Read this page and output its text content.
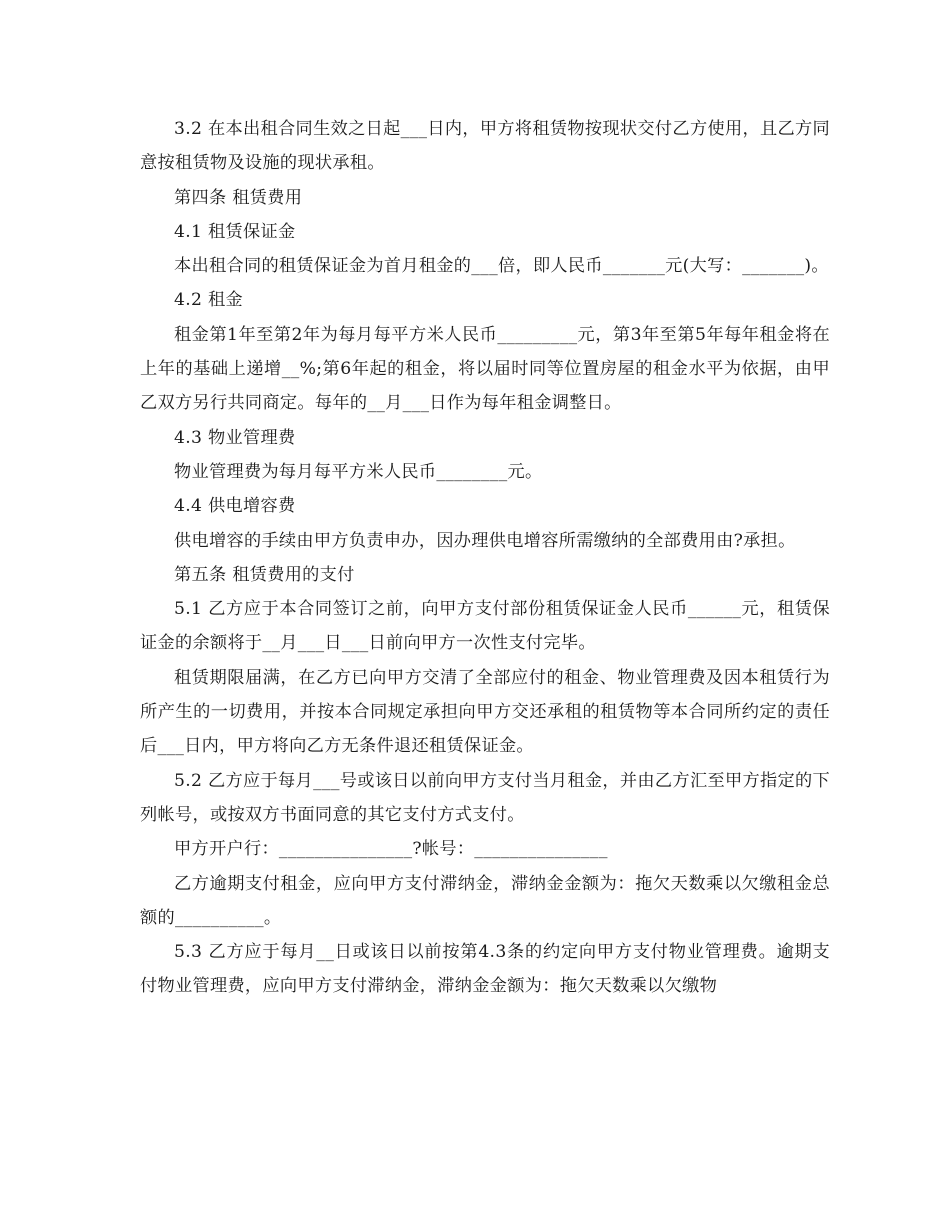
3.2 在本出租合同生效之日起___日内，甲方将租赁物按现状交付乙方使用，且乙方同意按租赁物及设施的现状承租。

第四条 租赁费用

4.1 租赁保证金

本出租合同的租赁保证金为首月租金的___倍，即人民币_______元(大写：_______)。

4.2 租金

租金第1年至第2年为每月每平方米人民币_________元，第3年至第5年每年租金将在上年的基础上递增__%;第6年起的租金，将以届时同等位置房屋的租金水平为依据，由甲乙双方另行共同商定。每年的__月___日作为每年租金调整日。

4.3 物业管理费

物业管理费为每月每平方米人民币________元。

4.4 供电增容费

供电增容的手续由甲方负责申办，因办理供电增容所需缴纳的全部费用由?承担。

第五条 租赁费用的支付

5.1 乙方应于本合同签订之前，向甲方支付部份租赁保证金人民币______元，租赁保证金的余额将于__月___日___日前向甲方一次性支付完毕。

租赁期限届满，在乙方已向甲方交清了全部应付的租金、物业管理费及因本租赁行为所产生的一切费用，并按本合同规定承担向甲方交还承租的租赁物等本合同所约定的责任后___日内，甲方将向乙方无条件退还租赁保证金。

5.2 乙方应于每月___号或该日以前向甲方支付当月租金，并由乙方汇至甲方指定的下列帐号，或按双方书面同意的其它支付方式支付。

甲方开户行：_______________?帐号：_______________

乙方逾期支付租金，应向甲方支付滞纳金，滞纳金金额为：拖欠天数乘以欠缴租金总额的__________。

5.3 乙方应于每月__日或该日以前按第4.3条的约定向甲方支付物业管理费。逾期支付物业管理费，应向甲方支付滞纳金，滞纳金金额为：拖欠天数乘以欠缴物
